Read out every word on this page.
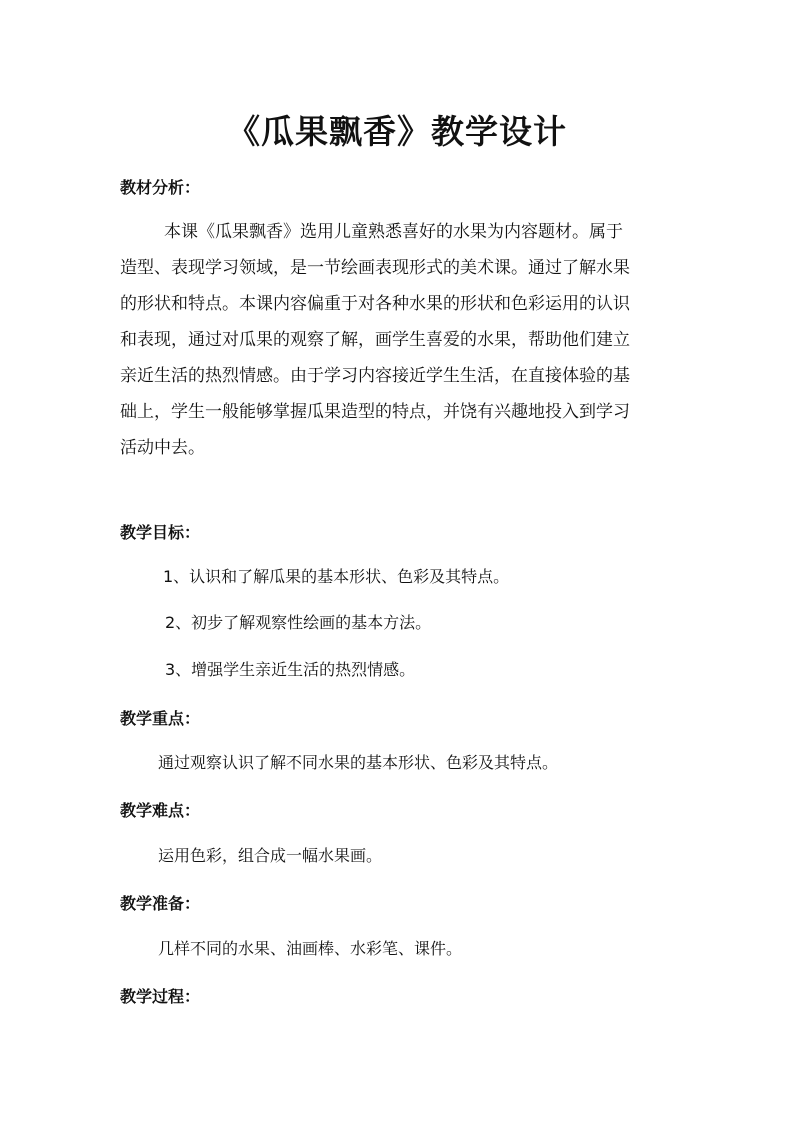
《瓜果飘香》教学设计
教材分析：
本课《瓜果飘香》选用儿童熟悉喜好的水果为内容题材。属于
造型、表现学习领域，是一节绘画表现形式的美术课。通过了解水果
的形状和特点。本课内容偏重于对各种水果的形状和色彩运用的认识
和表现，通过对瓜果的观察了解，画学生喜爱的水果，帮助他们建立
亲近生活的热烈情感。由于学习内容接近学生生活，在直接体验的基
础上，学生一般能够掌握瓜果造型的特点，并饶有兴趣地投入到学习
活动中去。
教学目标：
1、认识和了解瓜果的基本形状、色彩及其特点。
2、初步了解观察性绘画的基本方法。
3、增强学生亲近生活的热烈情感。
教学重点：
通过观察认识了解不同水果的基本形状、色彩及其特点。
教学难点：
运用色彩，组合成一幅水果画。
教学准备：
几样不同的水果、油画棒、水彩笔、课件。
教学过程：
